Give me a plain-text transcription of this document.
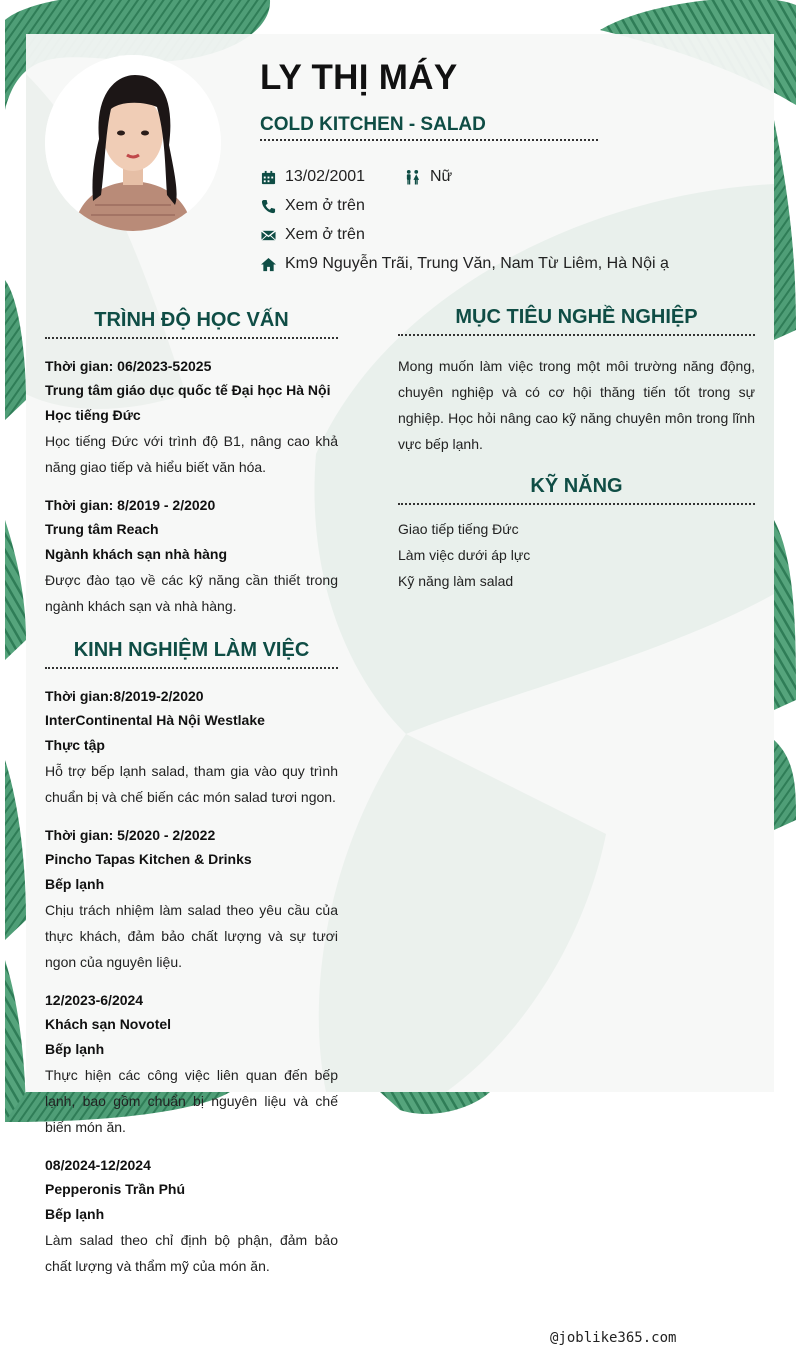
LY THỊ MÁY
COLD KITCHEN - SALAD
13/02/2001	Nữ
Xem ở trên
Xem ở trên
Km9 Nguyễn Trãi, Trung Văn, Nam Từ Liêm, Hà Nội ạ
TRÌNH ĐỘ HỌC VẤN
Thời gian: 06/2023-52025
Trung tâm giáo dục quốc tế Đại học Hà Nội
Học tiếng Đức
Học tiếng Đức với trình độ B1, nâng cao khả năng giao tiếp và hiểu biết văn hóa.
Thời gian: 8/2019 - 2/2020
Trung tâm Reach
Ngành khách sạn nhà hàng
Được đào tạo về các kỹ năng cần thiết trong ngành khách sạn và nhà hàng.
KINH NGHIỆM LÀM VIỆC
Thời gian:8/2019-2/2020
InterContinental Hà Nội Westlake
Thực tập
Hỗ trợ bếp lạnh salad, tham gia vào quy trình chuẩn bị và chế biến các món salad tươi ngon.
Thời gian: 5/2020 - 2/2022
Pincho Tapas Kitchen & Drinks
Bếp lạnh
Chịu trách nhiệm làm salad theo yêu cầu của thực khách, đảm bảo chất lượng và sự tươi ngon của nguyên liệu.
12/2023-6/2024
Khách sạn Novotel
Bếp lạnh
Thực hiện các công việc liên quan đến bếp lạnh, bao gồm chuẩn bị nguyên liệu và chế biến món ăn.
08/2024-12/2024
Pepperonis Trần Phú
Bếp lạnh
Làm salad theo chỉ định bộ phận, đảm bảo chất lượng và thẩm mỹ của món ăn.
MỤC TIÊU NGHỀ NGHIỆP
Mong muốn làm việc trong một môi trường năng động, chuyên nghiệp và có cơ hội thăng tiến tốt trong sự nghiệp. Học hỏi nâng cao kỹ năng chuyên môn trong lĩnh vực bếp lạnh.
KỸ NĂNG
Giao tiếp tiếng Đức
Làm việc dưới áp lực
Kỹ năng làm salad
@joblike365.com
